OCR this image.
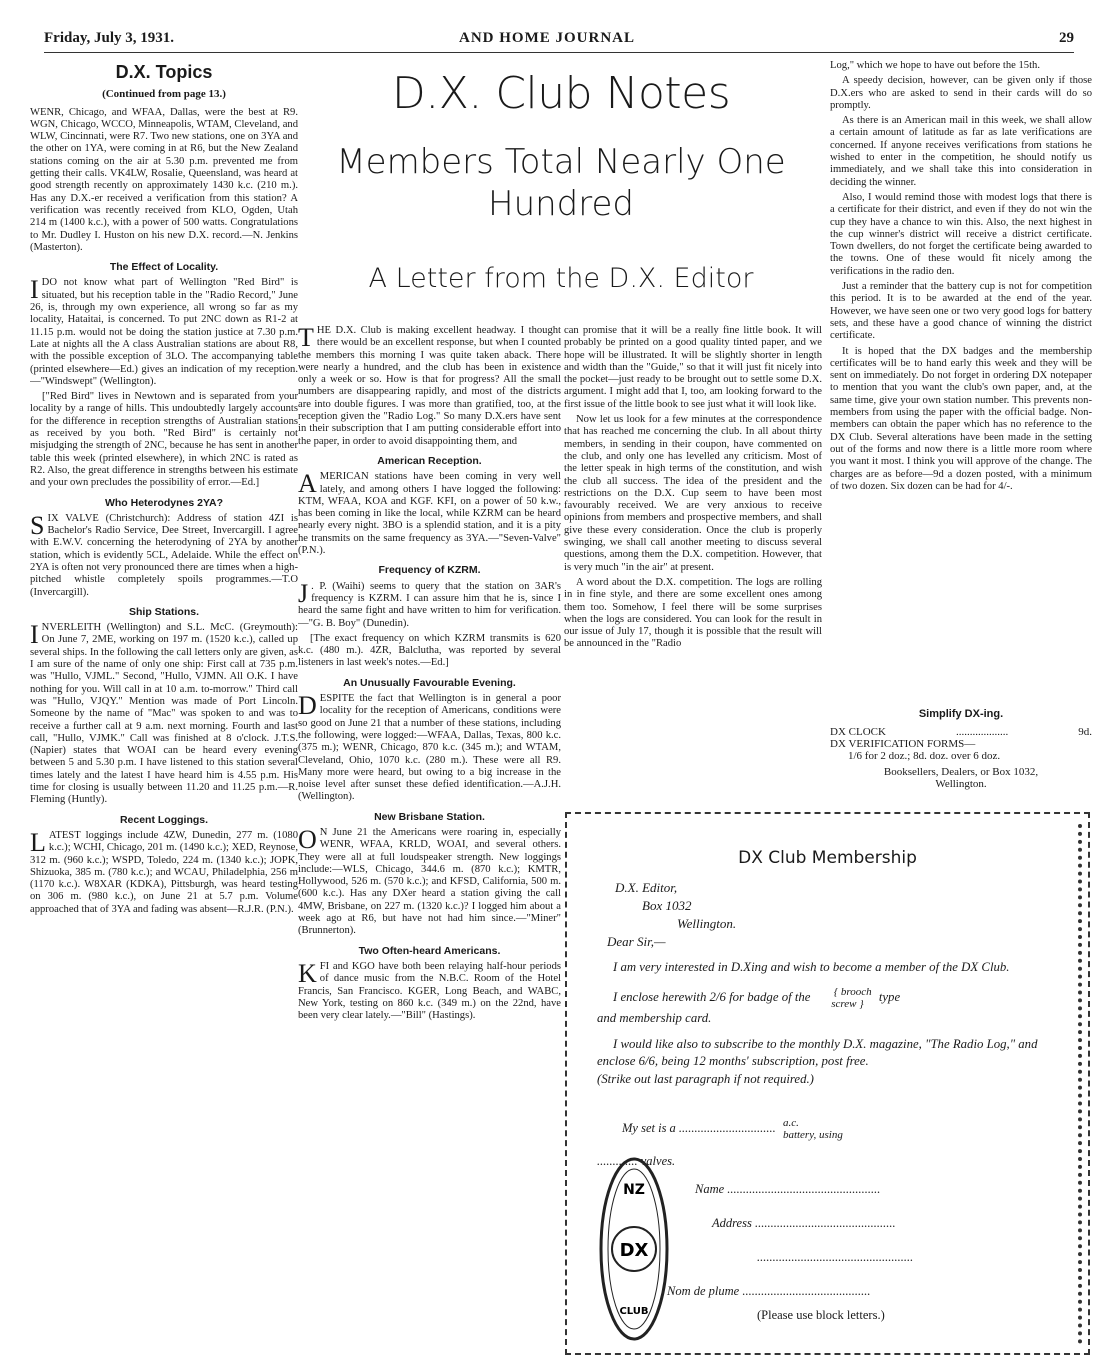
Friday, July 3, 1931.	AND HOME JOURNAL	29
D.X. Topics
(Continued from page 13.)

WENR, Chicago, and WFAA, Dallas, were the best at R9. WGN, Chicago, WCCO, Minneapolis, WTAM, Cleveland, and WLW, Cincinnati, were R7. Two new stations, one on 3YA and the other on 1YA, were coming in at R6, but the New Zealand stations coming on the air at 5.30 p.m. prevented me from getting their calls. VK4LW, Rosalie, Queensland, was heard at good strength recently on approximately 1430 k.c. (210 m.). Has any D.X.-er received a verification from this station? A verification was recently received from KLO, Ogden, Utah 214 m (1400 k.c.), with a power of 500 watts. Congratulations to Mr. Dudley I. Huston on his new D.X. record.—N. Jenkins (Masterton).

The Effect of Locality.

IDO not know what part of Wellington "Red Bird" is situated, but his reception table in the "Radio Record," June 26, is, through my own experience, all wrong so far as my locality, Hataitai, is concerned. To put 2NC down as R1-2 at 11.15 p.m. would not be doing the station justice at 7.30 p.m. Late at nights all the A class Australian stations are about R8, with the possible exception of 3LO. The accompanying table (printed elsewhere—Ed.) gives an indication of my reception.—"Windswept" (Wellington).

["Red Bird" lives in Newtown and is separated from your locality by a range of hills. This undoubtedly largely accounts for the difference in reception strengths of Australian stations as received by you both. "Red Bird" is certainly not misjudging the strength of 2NC, because he has sent in another table this week (printed elsewhere), in which 2NC is rated as R2. Also, the great difference in strengths between his estimate and your own precludes the possibility of error.—Ed.]

Who Heterodynes 2YA?

SIX VALVE (Christchurch): Address of station 4ZI is Bachelor's Radio Service, Dee Street, Invercargill. I agree with E.W.V. concerning the heterodyning of 2YA by another station, which is evidently 5CL, Adelaide. While the effect on 2YA is often not very pronounced there are times when a high-pitched whistle completely spoils programmes.—T.O (Invercargill).

Ship Stations.

INVERLEITH (Wellington) and S.L. McC. (Greymouth): On June 7, 2ME, working on 197 m. (1520 k.c.), called up several ships. In the following the call letters only are given, as I am sure of the name of only one ship: First call at 735 p.m. was "Hullo, VJML." Second, "Hullo, VJMN. All O.K. I have nothing for you. Will call in at 10 a.m. to-morrow." Third call was "Hullo, VJQY." Mention was made of Port Lincoln. Someone by the name of "Mac" was spoken to and was to receive a further call at 9 a.m. next morning. Fourth and last call, "Hullo, VJMK." Call was finished at 8 o'clock. J.T.S. (Napier) states that WOAI can be heard every evening between 5 and 5.30 p.m. I have listened to this station several times lately and the latest I have heard him is 4.55 p.m. His time for closing is usually between 11.20 and 11.25 p.m.—R. Fleming (Huntly).

Recent Loggings.

LATEST loggings include 4ZW, Dunedin, 277 m. (1080 k.c.); WCHI, Chicago, 201 m. (1490 k.c.); XED, Reynose, 312 m. (960 k.c.); WSPD, Toledo, 224 m. (1340 k.c.); JOPK, Shizuoka, 385 m. (780 k.c.); and WCAU, Philadelphia, 256 m (1170 k.c.). W8XAR (KDKA), Pittsburgh, was heard testing on 306 m. (980 k.c.), on June 21 at 5.7 p.m. Volume approached that of 3YA and fading was absent—R.J.R. (P.N.).

D.X. Club Notes
Members Total Nearly One Hundred
A Letter from the D.X. Editor

THE D.X. Club is making excellent headway. I thought there would be an excellent response, but when I counted the members this morning I was quite taken aback. There were nearly a hundred, and the club has been in existence only a week or so. How is that for progress? All the small numbers are disappearing rapidly, and most of the districts are into double figures. I was more than gratified, too, at the reception given the "Radio Log." So many D.X.ers have sent in their subscription that I am putting considerable effort into the paper, in order to avoid disappointing them, and

American Reception.

AMERICAN stations have been coming in very well lately, and among others I have logged the following: KTM, WFAA, KOA and KGF. KFI, on a power of 50 k.w., has been coming in like the local, while KZRM can be heard nearly every night. 3BO is a splendid station, and it is a pity he transmits on the same frequency as 3YA.—"Seven-Valve" (P.N.).

Frequency of KZRM.

J . P. (Waihi) seems to query that the station on 3AR's frequency is KZRM. I can assure him that he is, since I heard the same fight and have written to him for verification.—"G. B. Boy" (Dunedin).

[The exact frequency on which KZRM transmits is 620 k.c. (480 m.). 4ZR, Balclutha, was reported by several listeners in last week's notes.—Ed.]

An Unusually Favourable Evening.

DESPITE the fact that Wellington is in general a poor locality for the reception of Americans, conditions were so good on June 21 that a number of these stations, including the following, were logged:—WFAA, Dallas, Texas, 800 k.c. (375 m.); WENR, Chicago, 870 k.c. (345 m.); and WTAM, Cleveland, Ohio, 1070 k.c. (280 m.). These were all R9. Many more were heard, but owing to a big increase in the noise level after sunset these defied identification.—A.J.H. (Wellington).

New Brisbane Station.

O N June 21 the Americans were roaring in, especially WENR, WFAA, KRLD, WOAI, and several others. They were all at full loudspeaker strength. New loggings include:—WLS, Chicago, 344.6 m. (870 k.c.); KMTR, Hollywood, 526 m. (570 k.c.); and KFSD, California, 500 m. (600 k.c.). Has any DXer heard a station giving the call 4MW, Brisbane, on 227 m. (1320 k.c.)? I logged him about a week ago at R6, but have not had him since.—"Miner" (Brunnerton).

Two Often-heard Americans.

KFI and KGO have both been relaying half-hour periods of dance music from the N.B.C. Room of the Hotel Francis, San Francisco. KGER, Long Beach, and WABC, New York, testing on 860 k.c. (349 m.) on the 22nd, have been very clear lately.—"Bill" (Hastings).

can promise that it will be a really fine little book. It will probably be printed on a good quality tinted paper, and we hope will be illustrated. It will be slightly shorter in length and width than the "Guide," so that it will just fit nicely into the pocket—just ready to be brought out to settle some D.X. argument. I might add that I, too, am looking forward to the first issue of the little book to see just what it will look like.

Now let us look for a few minutes at the correspondence that has reached me concerning the club. In all about thirty members, in sending in their coupon, have commented on the club, and only one has levelled any criticism. Most of the letter speak in high terms of the constitution, and wish the club all success. The idea of the president and the restrictions on the D.X. Cup seem to have been most favourably received. We are very anxious to receive opinions from members and prospective members, and shall give these every consideration. Once the club is properly swinging, we shall call another meeting to discuss several questions, among them the D.X. competition. However, that is very much "in the air" at present.

A word about the D.X. competition. The logs are rolling in in fine style, and there are some excellent ones among them too. Somehow, I feel there will be some surprises when the logs are considered. You can look for the result in our issue of July 17, though it is possible that the result will be announced in the "Radio

Log," which we hope to have out before the 15th.

A speedy decision, however, can be given only if those D.X.ers who are asked to send in their cards will do so promptly.

As there is an American mail in this week, we shall allow a certain amount of latitude as far as late verifications are concerned. If anyone receives verifications from stations he wished to enter in the competition, he should notify us immediately, and we shall take this into consideration in deciding the winner.

Also, I would remind those with modest logs that there is a certificate for their district, and even if they do not win the cup they have a chance to win this. Also, the next highest in the cup winner's district will receive a district certificate. Town dwellers, do not forget the certificate being awarded to the towns. One of these would fit nicely among the verifications in the radio den.

Just a reminder that the battery cup is not for competition this period. It is to be awarded at the end of the year. However, we have seen one or two very good logs for battery sets, and these have a good chance of winning the district certificate.

It is hoped that the DX badges and the membership certificates will be to hand early this week and they will be sent on immediately. Do not forget in ordering DX notepaper to mention that you want the club's own paper, and, at the same time, give your own station number. This prevents non-members from using the paper with the official badge. Non-members can obtain the paper which has no reference to the DX Club. Several alterations have been made in the setting out of the forms and now there is a little more room where you want it most. I think you will approve of the change. The charges are as before—9d a dozen posted, with a minimum of two dozen. Six dozen can be had for 4/-.

Simplify DX-ing.
DX CLOCK	...................	9d.
DX VERIFICATION FORMS—
1/6 for 2 doz.; 8d. doz. over 6 doz.
Booksellers, Dealers, or Box 1032,
Wellington.
DX Club Membership
D.X. Editor,
Box 1032
Wellington.
Dear Sir,—

I am very interested in D.Xing and wish to become a member of the DX Club.

I enclose herewith 2/6 for badge of the { brooch
screw } type
and membership card.

I would like also to subscribe to the monthly D.X. magazine, "The Radio Log," and enclose 6/6, being 12 months' subscription, post free.

(Strike out last paragraph if not required.)

My set is a ............................... a.c.
battery, using
............. valves.
Name .................................................
Address .............................................
..................................................
Nom de plume .........................................
(Please use block letters.)
NZ
DX
CLUB
